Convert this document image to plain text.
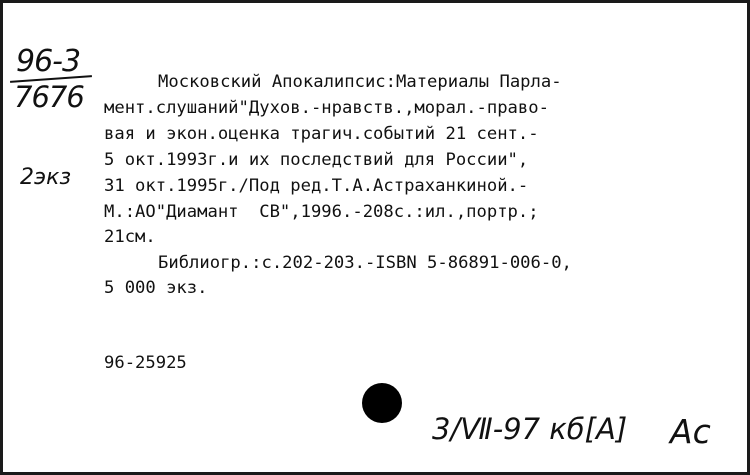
96-3
7676
2экз
Московский Апокалипсис:Материалы Парла-
мент.слушаний"Духов.-нравств.,морал.-право-
вая и экон.оценка трагич.событий 21 сент.-
5 окт.1993г.и их последствий для России",
31 окт.1995г./Под ред.Т.А.Астраханкиной.-
М.:АО"Диамант  СВ",1996.-208с.:ил.,портр.;
21см.
Библиогр.:с.202-203.-ISBN 5-86891-006-0,
5 000 экз.
96-25925
3/Ⅶ-97 кб[А] Ас
